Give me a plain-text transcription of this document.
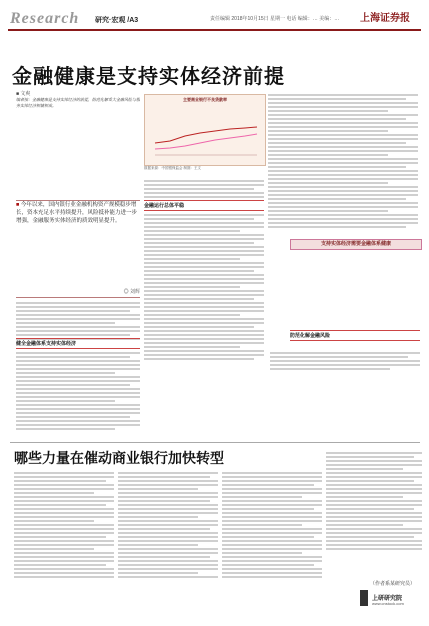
Research 研究·宏观 /A3	责任编辑 2018年10月15日 星期一 电话 编辑：… 美编：… 上海证券报
金融健康是支持实体经济前提
■ 文爽
编者按：金融健康是支持实体经济的前提，防范化解重大金融风险与服务实体经济相辅相成。
主要商业银行不良贷款率
数据来源：中国银保监会 制图：王文
■ 今年以来，国内银行业金融机构资产规模稳步增长，资本充足水平持续提升，风险抵补能力进一步增强，金融服务实体经济的质效明显提升。
◎ 刘辉
健全金融体系支持实体经济
金融运行总体平稳
支持实体经济需要金融体系健康
防范化解金融风险
哪些力量在催动商业银行加快转型
上研研究院
www.cnstock.com
（作者系某研究员）
